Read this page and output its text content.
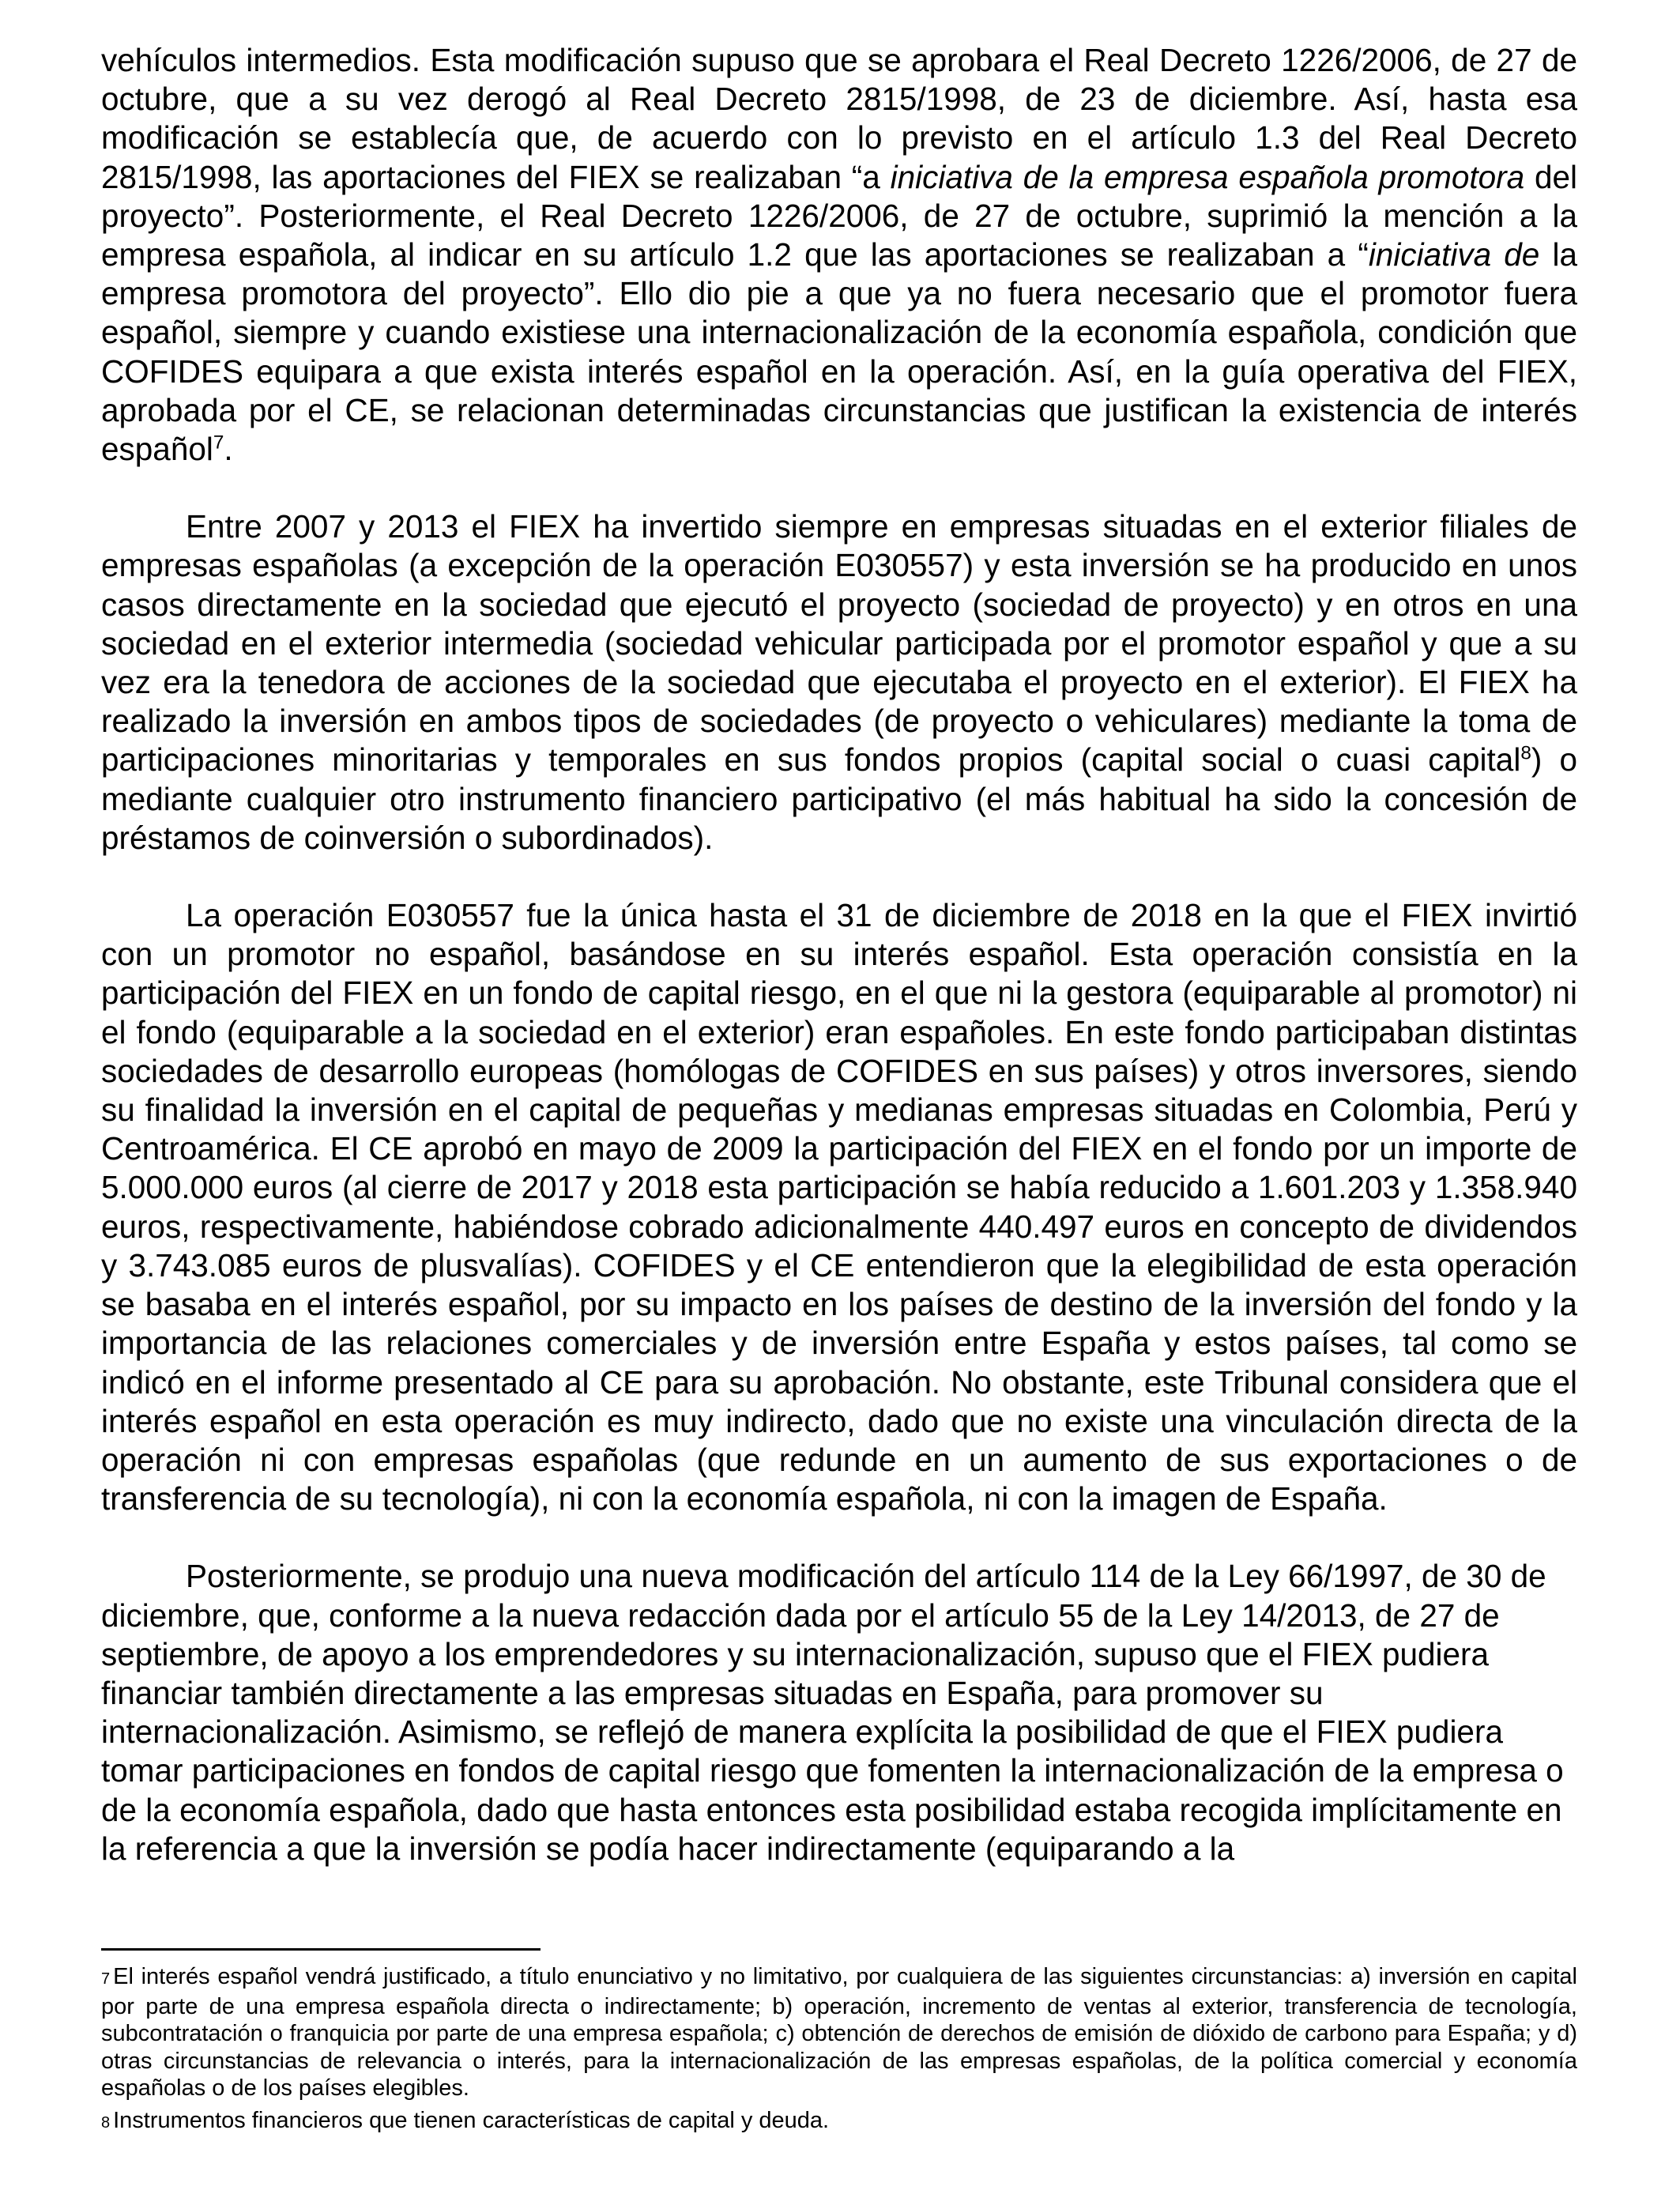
vehículos intermedios. Esta modificación supuso que se aprobara el Real Decreto 1226/2006, de 27 de octubre, que a su vez derogó al Real Decreto 2815/1998, de 23 de diciembre. Así, hasta esa modificación se establecía que, de acuerdo con lo previsto en el artículo 1.3 del Real Decreto 2815/1998, las aportaciones del FIEX se realizaban “a iniciativa de la empresa española promotora del proyecto”. Posteriormente, el Real Decreto 1226/2006, de 27 de octubre, suprimió la mención a la empresa española, al indicar en su artículo 1.2 que las aportaciones se realizaban a “iniciativa de la empresa promotora del proyecto”. Ello dio pie a que ya no fuera necesario que el promotor fuera español, siempre y cuando existiese una internacionalización de la economía española, condición que COFIDES equipara a que exista interés español en la operación. Así, en la guía operativa del FIEX, aprobada por el CE, se relacionan determinadas circunstancias que justifican la existencia de interés español$^7$.

Entre 2007 y 2013 el FIEX ha invertido siempre en empresas situadas en el exterior filiales de empresas españolas (a excepción de la operación E030557) y esta inversión se ha producido en unos casos directamente en la sociedad que ejecutó el proyecto (sociedad de proyecto) y en otros en una sociedad en el exterior intermedia (sociedad vehicular participada por el promotor español y que a su vez era la tenedora de acciones de la sociedad que ejecutaba el proyecto en el exterior). El FIEX ha realizado la inversión en ambos tipos de sociedades (de proyecto o vehiculares) mediante la toma de participaciones minoritarias y temporales en sus fondos propios (capital social o cuasi capital$^8$) o mediante cualquier otro instrumento financiero participativo (el más habitual ha sido la concesión de préstamos de coinversión o subordinados).

La operación E030557 fue la única hasta el 31 de diciembre de 2018 en la que el FIEX invirtió con un promotor no español, basándose en su interés español. Esta operación consistía en la participación del FIEX en un fondo de capital riesgo, en el que ni la gestora (equiparable al promotor) ni el fondo (equiparable a la sociedad en el exterior) eran españoles. En este fondo participaban distintas sociedades de desarrollo europeas (homólogas de COFIDES en sus países) y otros inversores, siendo su finalidad la inversión en el capital de pequeñas y medianas empresas situadas en Colombia, Perú y Centroamérica. El CE aprobó en mayo de 2009 la participación del FIEX en el fondo por un importe de 5.000.000 euros (al cierre de 2017 y 2018 esta participación se había reducido a 1.601.203 y 1.358.940 euros, respectivamente, habiéndose cobrado adicionalmente 440.497 euros en concepto de dividendos y 3.743.085 euros de plusvalías). COFIDES y el CE entendieron que la elegibilidad de esta operación se basaba en el interés español, por su impacto en los países de destino de la inversión del fondo y la importancia de las relaciones comerciales y de inversión entre España y estos países, tal como se indicó en el informe presentado al CE para su aprobación. No obstante, este Tribunal considera que el interés español en esta operación es muy indirecto, dado que no existe una vinculación directa de la operación ni con empresas españolas (que redunde en un aumento de sus exportaciones o de transferencia de su tecnología), ni con la economía española, ni con la imagen de España.

Posteriormente, se produjo una nueva modificación del artículo 114 de la Ley 66/1997, de 30 de diciembre, que, conforme a la nueva redacción dada por el artículo 55 de la Ley 14/2013, de 27 de septiembre, de apoyo a los emprendedores y su internacionalización, supuso que el FIEX pudiera financiar también directamente a las empresas situadas en España, para promover su internacionalización. Asimismo, se reflejó de manera explícita la posibilidad de que el FIEX pudiera tomar participaciones en fondos de capital riesgo que fomenten la internacionalización de la empresa o de la economía española, dado que hasta entonces esta posibilidad estaba recogida implícitamente en la referencia a que la inversión se podía hacer indirectamente (equiparando a la

7 El interés español vendrá justificado, a título enunciativo y no limitativo, por cualquiera de las siguientes circunstancias: a) inversión en capital por parte de una empresa española directa o indirectamente; b) operación, incremento de ventas al exterior, transferencia de tecnología, subcontratación o franquicia por parte de una empresa española; c) obtención de derechos de emisión de dióxido de carbono para España; y d) otras circunstancias de relevancia o interés, para la internacionalización de las empresas españolas, de la política comercial y economía españolas o de los países elegibles.

8 Instrumentos financieros que tienen características de capital y deuda.
